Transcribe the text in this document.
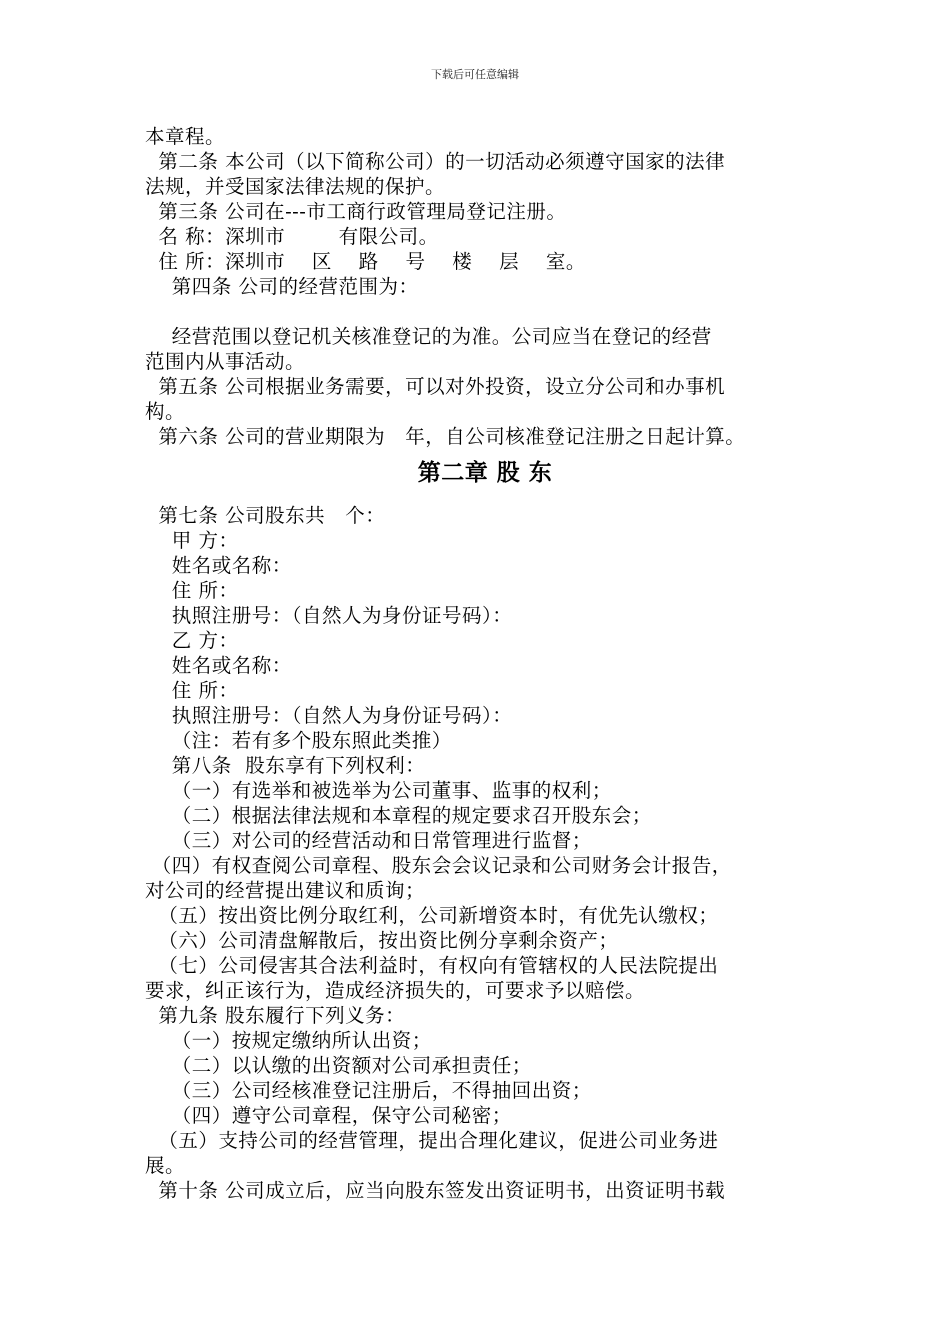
下载后可任意编辑
本章程。
第二条 本公司（以下简称公司）的一切活动必须遵守国家的法律
法规，并受国家法律法规的保护。
第三条 公司在---市工商行政管理局登记注册。
名 称：深圳市        有限公司。
住 所：深圳市    区    路    号    楼    层    室。
第四条 公司的经营范围为：
经营范围以登记机关核准登记的为准。公司应当在登记的经营
范围内从事活动。
第五条 公司根据业务需要，可以对外投资，设立分公司和办事机
构。
第六条 公司的营业期限为   年，自公司核准登记注册之日起计算。
第二章 股 东
第七条 公司股东共   个：
甲 方：
姓名或名称：
住 所：
执照注册号：（自然人为身份证号码）：
乙 方：
姓名或名称：
住 所：
执照注册号：（自然人为身份证号码）：
（注：若有多个股东照此类推）
第八条  股东享有下列权利：
（一）有选举和被选举为公司董事、监事的权利；
（二）根据法律法规和本章程的规定要求召开股东会；
（三）对公司的经营活动和日常管理进行监督；
（四）有权查阅公司章程、股东会会议记录和公司财务会计报告，
对公司的经营提出建议和质询；
（五）按出资比例分取红利，公司新增资本时，有优先认缴权；
（六）公司清盘解散后，按出资比例分享剩余资产；
（七）公司侵害其合法利益时，有权向有管辖权的人民法院提出
要求，纠正该行为，造成经济损失的，可要求予以赔偿。
第九条 股东履行下列义务：
（一）按规定缴纳所认出资；
（二）以认缴的出资额对公司承担责任；
（三）公司经核准登记注册后，不得抽回出资；
（四）遵守公司章程，保守公司秘密；
（五）支持公司的经营管理，提出合理化建议，促进公司业务进
展。
第十条 公司成立后，应当向股东签发出资证明书，出资证明书载
